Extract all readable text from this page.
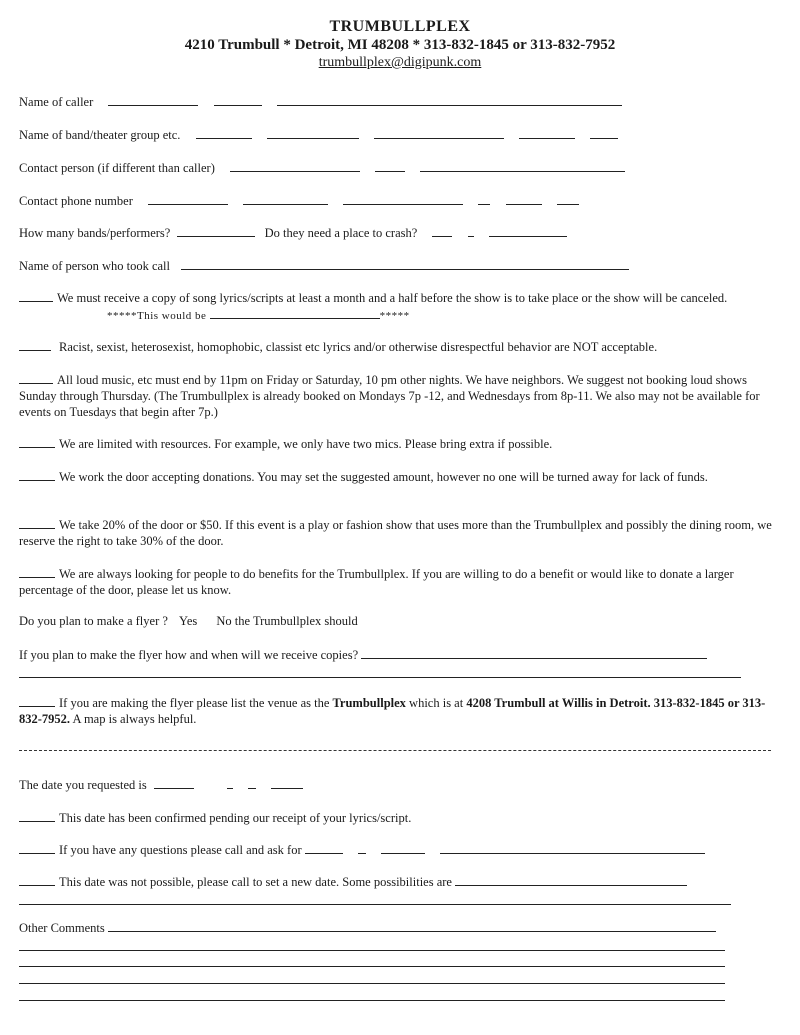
TRUMBULLPLEX
4210 Trumbull * Detroit, MI 48208 * 313-832-1845 or 313-832-7952
trumbullplex@digipunk.com
Name of caller
Name of band/theater group etc.
Contact person (if different than caller)
Contact phone number
How many bands/performers?	Do they need a place to crash?
Name of person who took call
We must receive a copy of song lyrics/scripts at least a month and a half before the show is to take place or the show will be canceled. *****This would be	*****
Racist, sexist, heterosexist, homophobic, classist etc lyrics and/or otherwise disrespectful behavior are NOT acceptable.
All loud music, etc must end by 11pm on Friday or Saturday, 10 pm other nights. We have neighbors. We suggest not booking loud shows Sunday through Thursday. (The Trumbullplex is already booked on Mondays 7p -12, and Wednesdays from 8p-11. We also may not be available for events on Tuesdays that begin after 7p.)
We are limited with resources. For example, we only have two mics. Please bring extra if possible.
We work the door accepting donations. You may set the suggested amount, however no one will be turned away for lack of funds.
We take 20% of the door or $50. If this event is a play or fashion show that uses more than the Trumbullplex and possibly the dining room, we reserve the right to take 30% of the door.
We are always looking for people to do benefits for the Trumbullplex. If you are willing to do a benefit or would like to donate a larger percentage of the door, please let us know.
Do you plan to make a flyer ? Yes No the Trumbullplex should
If you plan to make the flyer how and when will we receive copies?
If you are making the flyer please list the venue as the Trumbullplex which is at 4208 Trumbull at Willis in Detroit. 313-832-1845 or 313-832-7952. A map is always helpful.
The date you requested is
This date has been confirmed pending our receipt of your lyrics/script.
If you have any questions please call and ask for
This date was not possible, please call to set a new date. Some possibilities are
Other Comments
